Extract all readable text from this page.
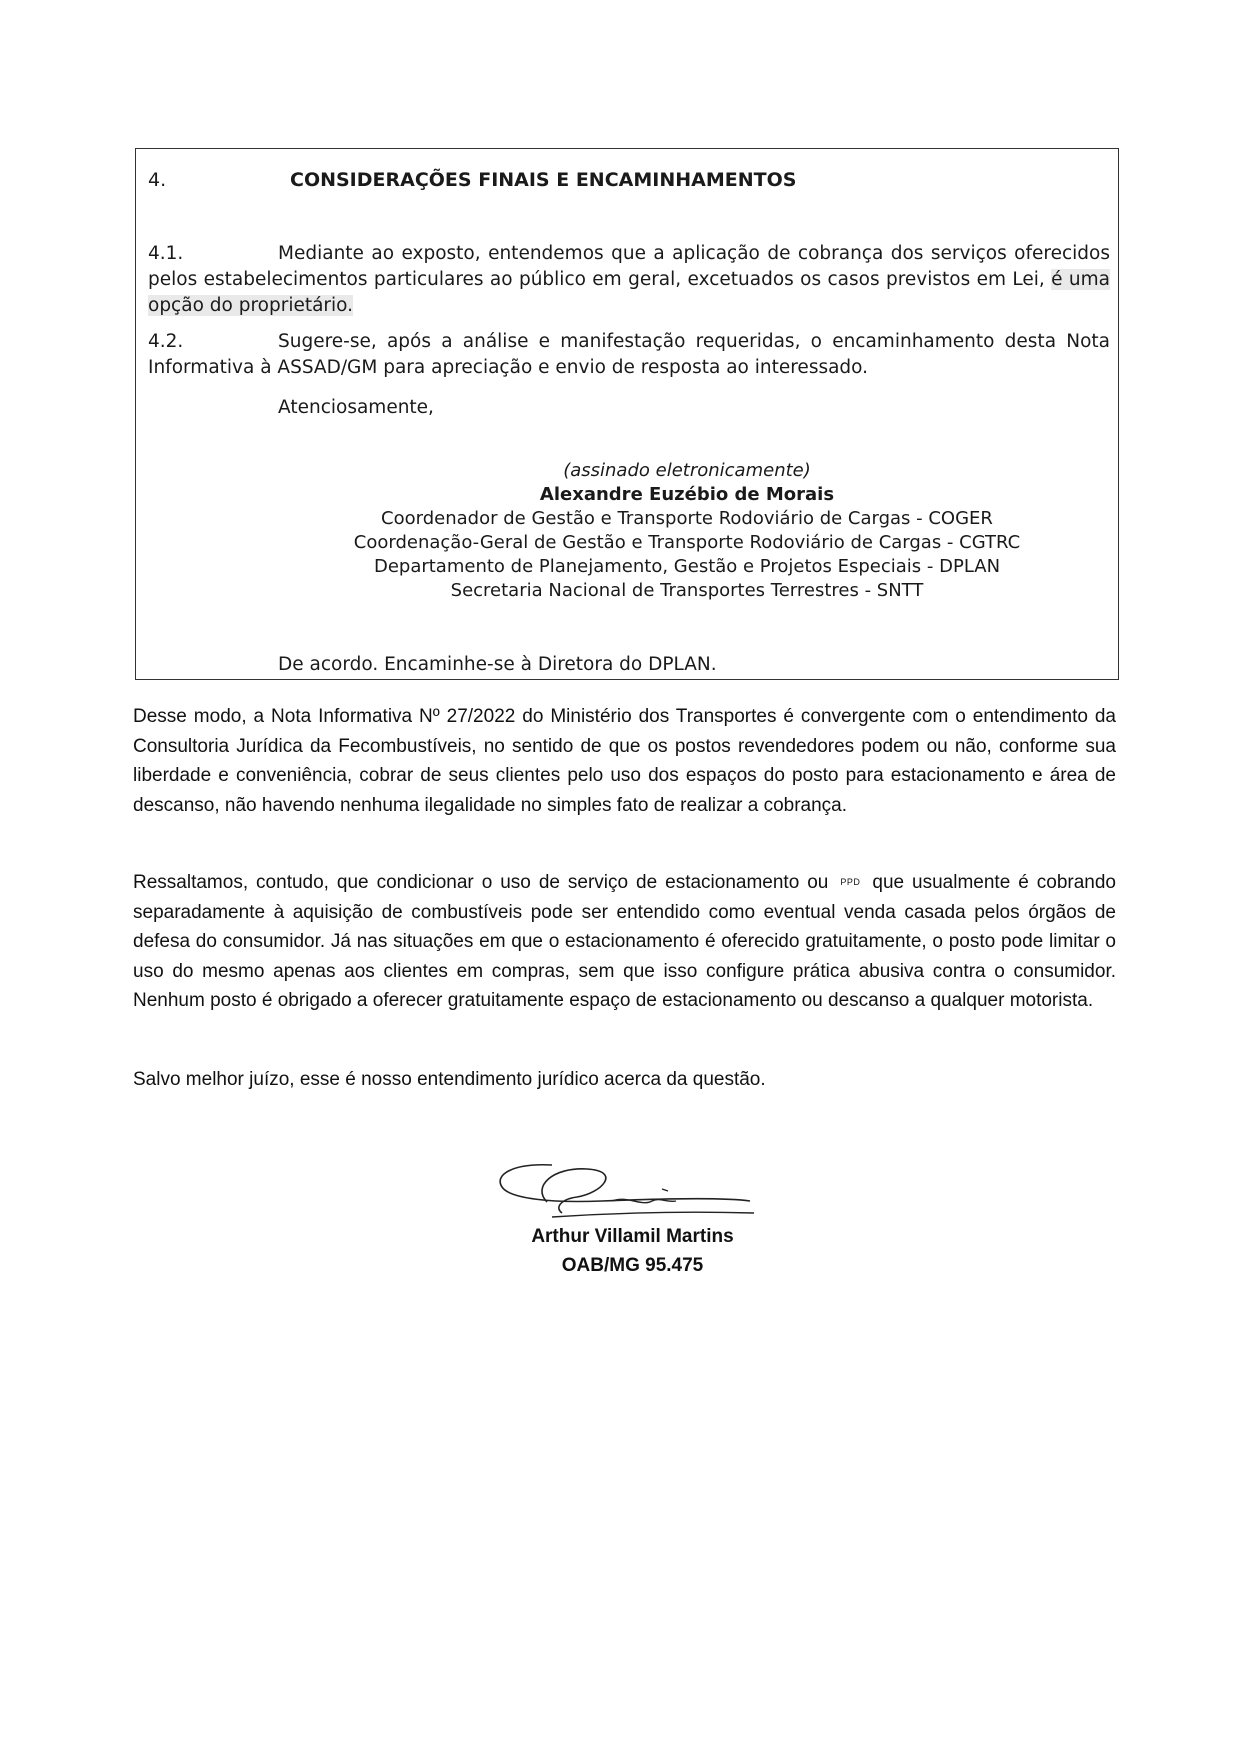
4.	CONSIDERAÇÕES FINAIS E ENCAMINHAMENTOS
4.1.	Mediante ao exposto, entendemos que a aplicação de cobrança dos serviços oferecidos pelos estabelecimentos particulares ao público em geral, excetuados os casos previstos em Lei, é uma opção do proprietário.
4.2.	Sugere-se, após a análise e manifestação requeridas, o encaminhamento desta Nota Informativa à ASSAD/GM para apreciação e envio de resposta ao interessado.
Atenciosamente,
(assinado eletronicamente)
Alexandre Euzébio de Morais
Coordenador de Gestão e Transporte Rodoviário de Cargas - COGER
Coordenação-Geral de Gestão e Transporte Rodoviário de Cargas - CGTRC
Departamento de Planejamento, Gestão e Projetos Especiais - DPLAN
Secretaria Nacional de Transportes Terrestres - SNTT
De acordo. Encaminhe-se à Diretora do DPLAN.
Desse modo, a Nota Informativa Nº 27/2022 do Ministério dos Transportes é convergente com o entendimento da Consultoria Jurídica da Fecombustíveis, no sentido de que os postos revendedores podem ou não, conforme sua liberdade e conveniência, cobrar de seus clientes pelo uso dos espaços do posto para estacionamento e área de descanso, não havendo nenhuma ilegalidade no simples fato de realizar a cobrança.
Ressaltamos, contudo, que condicionar o uso de serviço de estacionamento ou PPD que usualmente é cobrando separadamente à aquisição de combustíveis pode ser entendido como eventual venda casada pelos órgãos de defesa do consumidor. Já nas situações em que o estacionamento é oferecido gratuitamente, o posto pode limitar o uso do mesmo apenas aos clientes em compras, sem que isso configure prática abusiva contra o consumidor. Nenhum posto é obrigado a oferecer gratuitamente espaço de estacionamento ou descanso a qualquer motorista.
Salvo melhor juízo, esse é nosso entendimento jurídico acerca da questão.
Arthur Villamil Martins
OAB/MG 95.475
